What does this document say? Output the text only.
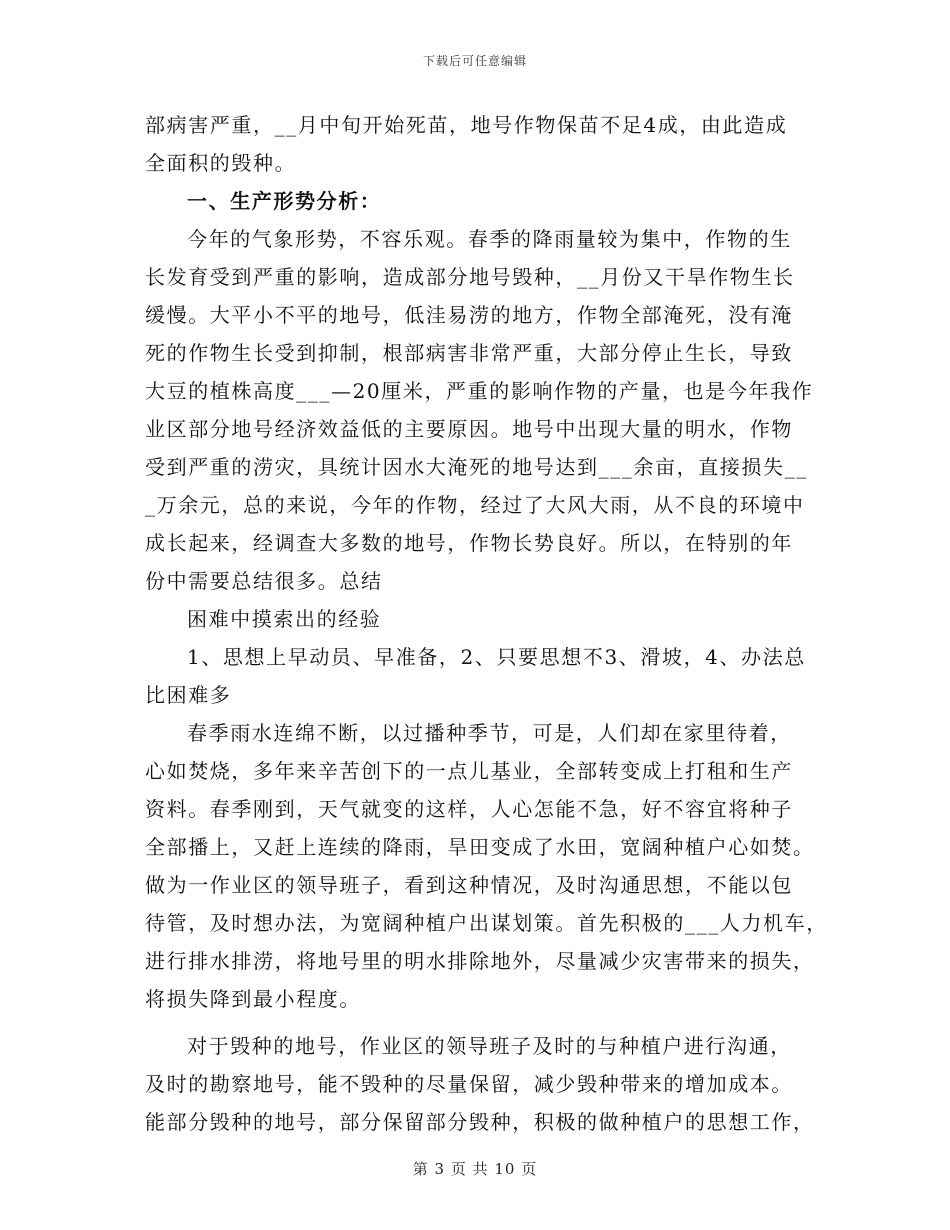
下载后可任意编辑
部病害严重，__月中旬开始死苗，地号作物保苗不足4成，由此造成
全面积的毁种。
一、生产形势分析：
今年的气象形势，不容乐观。春季的降雨量较为集中，作物的生
长发育受到严重的影响，造成部分地号毁种，__月份又干旱作物生长
缓慢。大平小不平的地号，低洼易涝的地方，作物全部淹死，没有淹
死的作物生长受到抑制，根部病害非常严重，大部分停止生长，导致
大豆的植株高度___—20厘米，严重的影响作物的产量，也是今年我作
业区部分地号经济效益低的主要原因。地号中出现大量的明水，作物
受到严重的涝灾，具统计因水大淹死的地号达到___余亩，直接损失__
_万余元，总的来说，今年的作物，经过了大风大雨，从不良的环境中
成长起来，经调查大多数的地号，作物长势良好。所以，在特别的年
份中需要总结很多。总结
困难中摸索出的经验
1、思想上早动员、早准备，2、只要思想不3、滑坡，4、办法总
比困难多
春季雨水连绵不断，以过播种季节，可是，人们却在家里待着，
心如焚烧，多年来辛苦创下的一点儿基业，全部转变成上打租和生产
资料。春季刚到，天气就变的这样，人心怎能不急，好不容宜将种子
全部播上，又赶上连续的降雨，旱田变成了水田，宽阔种植户心如焚。
做为一作业区的领导班子，看到这种情况，及时沟通思想，不能以包
待管，及时想办法，为宽阔种植户出谋划策。首先积极的___人力机车，
进行排水排涝，将地号里的明水排除地外，尽量减少灾害带来的损失，
将损失降到最小程度。
对于毁种的地号，作业区的领导班子及时的与种植户进行沟通，
及时的勘察地号，能不毁种的尽量保留，减少毁种带来的增加成本。
能部分毁种的地号，部分保留部分毁种，积极的做种植户的思想工作，
第 3 页 共 10 页
